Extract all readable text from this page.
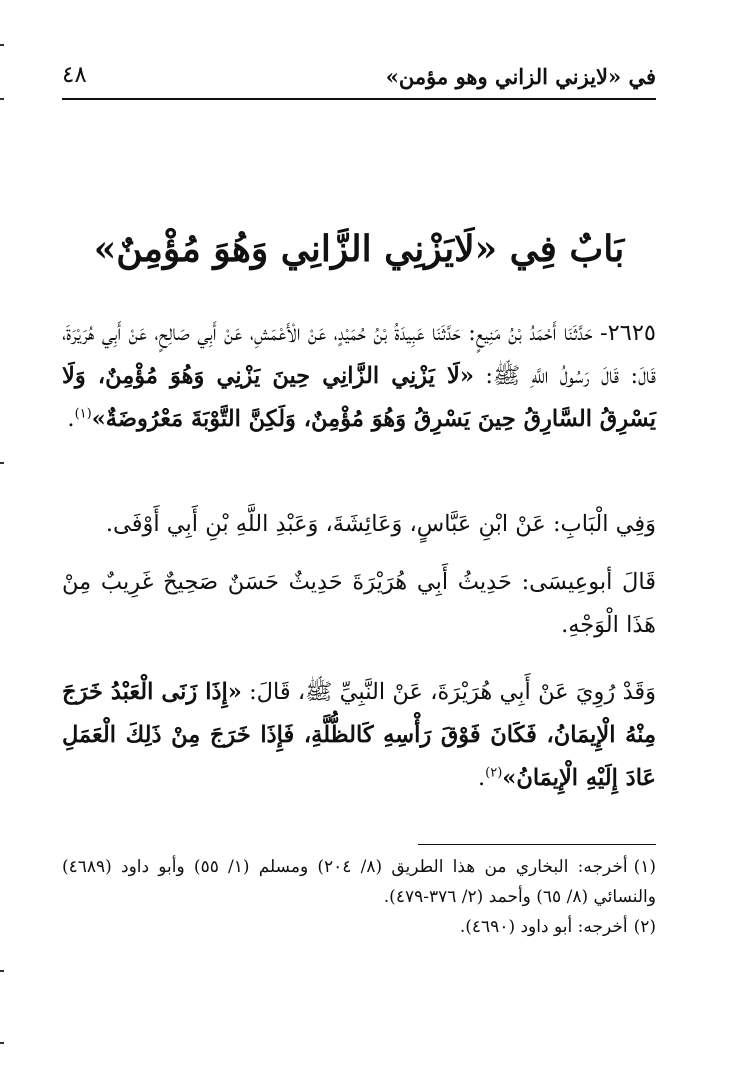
في «لايزني الزاني وهو مؤمن»
٤٨
بَابٌ فِي «لَايَزْنِي الزَّانِي وَهُوَ مُؤْمِنٌ»
٢٦٢٥- حَدَّثَنَا أَحْمَدُ بْنُ مَنِيعٍ: حَدَّثَنَا عَبِيدَةُ بْنُ حُمَيْدٍ، عَنْ الْأَعْمَشِ، عَنْ أَبِي صَالِحٍ، عَنْ أَبِي هُرَيْرَةَ، قَالَ: قَالَ رَسُولُ اللَّهِ ﷺ: «لَا يَزْنِي الزَّانِي حِينَ يَزْنِي وَهُوَ مُؤْمِنٌ، وَلَا يَسْرِقُ السَّارِقُ حِينَ يَسْرِقُ وَهُوَ مُؤْمِنٌ، وَلَكِنَّ التَّوْبَةَ مَعْرُوضَةٌ»$^{(١)}$.
وَفِي الْبَابِ: عَنْ ابْنِ عَبَّاسٍ، وَعَائِشَةَ، وَعَبْدِ اللَّهِ بْنِ أَبِي أَوْفَى.
قَالَ أبوعِيسَى: حَدِيثُ أَبِي هُرَيْرَةَ حَدِيثٌ حَسَنٌ صَحِيحٌ غَرِيبٌ مِنْ هَذَا الْوَجْهِ.
وَقَدْ رُوِيَ عَنْ أَبِي هُرَيْرَةَ، عَنْ النَّبِيِّ ﷺ، قَالَ: «إِذَا زَنَى الْعَبْدُ خَرَجَ مِنْهُ الْإِيمَانُ، فَكَانَ فَوْقَ رَأْسِهِ كَالظُّلَّةِ، فَإِذَا خَرَجَ مِنْ ذَلِكَ الْعَمَلِ عَادَ إِلَيْهِ الْإِيمَانُ»$^{(٢)}$.
(١)أخرجه: البخاري من هذا الطريق (٨/ ٢٠٤) ومسلم (١/ ٥٥) وأبو داود (٤٦٨٩) والنسائي (٨/ ٦٥) وأحمد (٢/ ٣٧٦-٤٧٩).
(٢)أخرجه: أبو داود (٤٦٩٠).
